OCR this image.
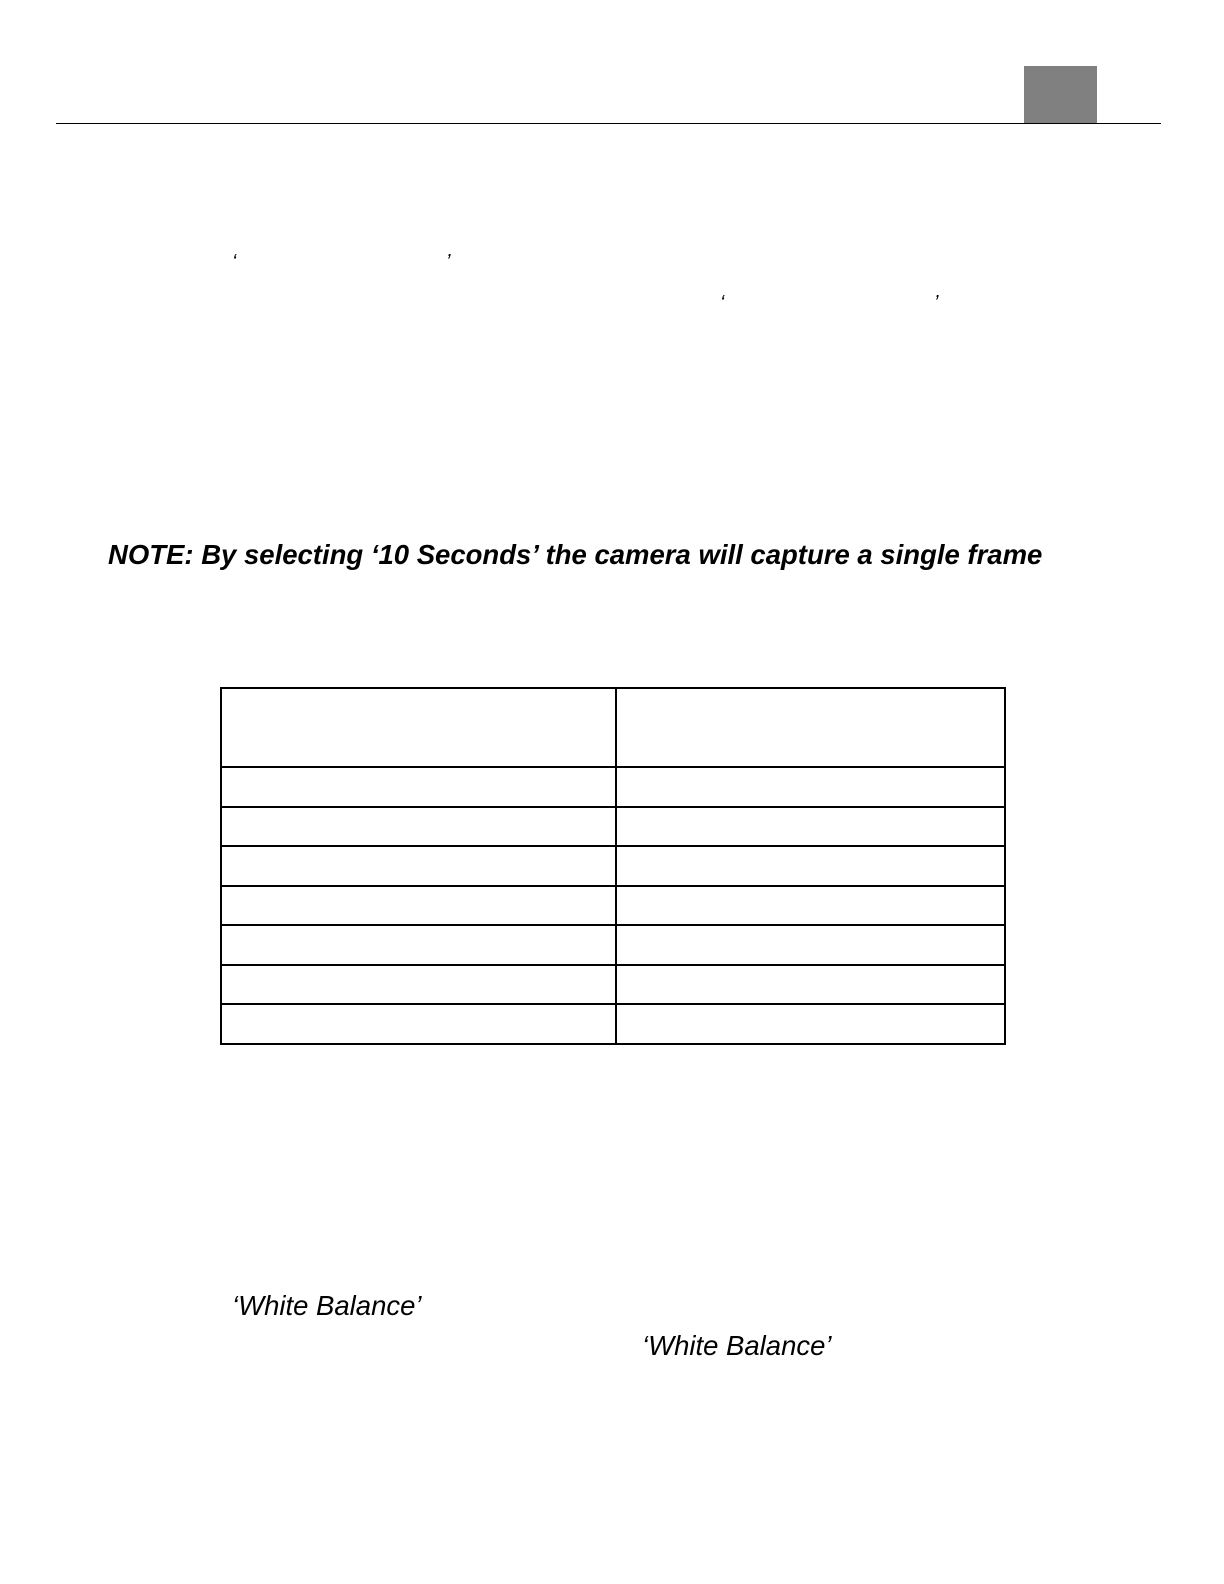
‘	’
‘	’
NOTE: By selecting ‘10 Seconds’ the camera will capture a single frame

‘White Balance’
‘White Balance’
